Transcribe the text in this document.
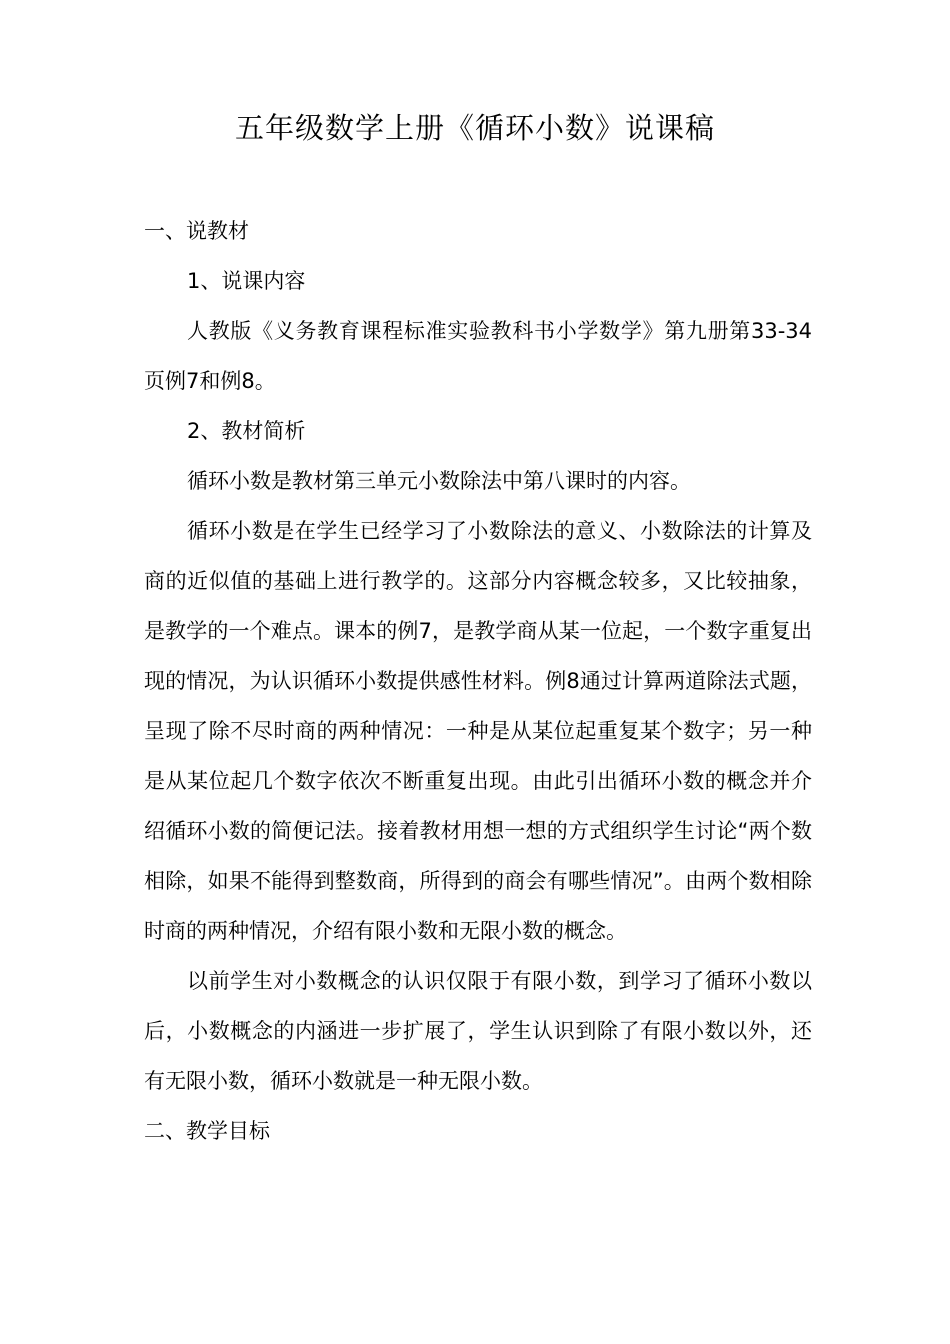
五年级数学上册《循环小数》说课稿

一、说教材

1、说课内容

人教版《义务教育课程标准实验教科书小学数学》第九册第33-34页例7和例8。

2、教材简析

循环小数是教材第三单元小数除法中第八课时的内容。

循环小数是在学生已经学习了小数除法的意义、小数除法的计算及商的近似值的基础上进行教学的。这部分内容概念较多，又比较抽象，是教学的一个难点。课本的例7，是教学商从某一位起，一个数字重复出现的情况，为认识循环小数提供感性材料。例8通过计算两道除法式题，呈现了除不尽时商的两种情况：一种是从某位起重复某个数字；另一种是从某位起几个数字依次不断重复出现。由此引出循环小数的概念并介绍循环小数的简便记法。接着教材用想一想的方式组织学生讨论“两个数相除，如果不能得到整数商，所得到的商会有哪些情况”。由两个数相除时商的两种情况，介绍有限小数和无限小数的概念。

以前学生对小数概念的认识仅限于有限小数，到学习了循环小数以后，小数概念的内涵进一步扩展了，学生认识到除了有限小数以外，还有无限小数，循环小数就是一种无限小数。

二、教学目标
